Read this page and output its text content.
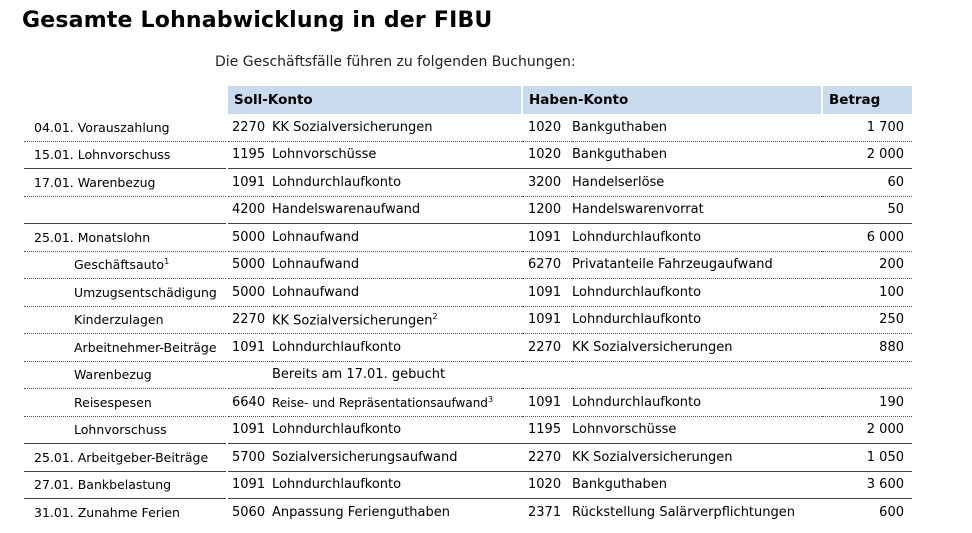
Gesamte Lohnabwicklung in der FIBU
Die Geschäftsfälle führen zu folgenden Buchungen:
	Soll-Konto		Haben-Konto		Betrag
04.01. Vorauszahlung	2270	KK Sozialversicherungen	1020	Bankguthaben	1 700
15.01. Lohnvorschuss	1195	Lohnvorschüsse	1020	Bankguthaben	2 000
17.01. Warenbezug	1091	Lohndurchlaufkonto	3200	Handelserlöse	60
	4200	Handelswarenaufwand	1200	Handelswarenvorrat	50
25.01. Monatslohn	5000	Lohnaufwand	1091	Lohndurchlaufkonto	6 000
Geschäftsauto$^1$	5000	Lohnaufwand	6270	Privatanteile Fahrzeugaufwand	200
Umzugsentschädigung	5000	Lohnaufwand	1091	Lohndurchlaufkonto	100
Kinderzulagen	2270	KK Sozialversicherungen$^2$	1091	Lohndurchlaufkonto	250
Arbeitnehmer-Beiträge	1091	Lohndurchlaufkonto	2270	KK Sozialversicherungen	880
Warenbezug		Bereits am 17.01. gebucht			
Reisespesen	6640	Reise- und Repräsentationsaufwand$^3$	1091	Lohndurchlaufkonto	190
Lohnvorschuss	1091	Lohndurchlaufkonto	1195	Lohnvorschüsse	2 000
25.01. Arbeitgeber-Beiträge	5700	Sozialversicherungsaufwand	2270	KK Sozialversicherungen	1 050
27.01. Bankbelastung	1091	Lohndurchlaufkonto	1020	Bankguthaben	3 600
31.01. Zunahme Ferien	5060	Anpassung Ferienguthaben	2371	Rückstellung Salärverpflichtungen	600
